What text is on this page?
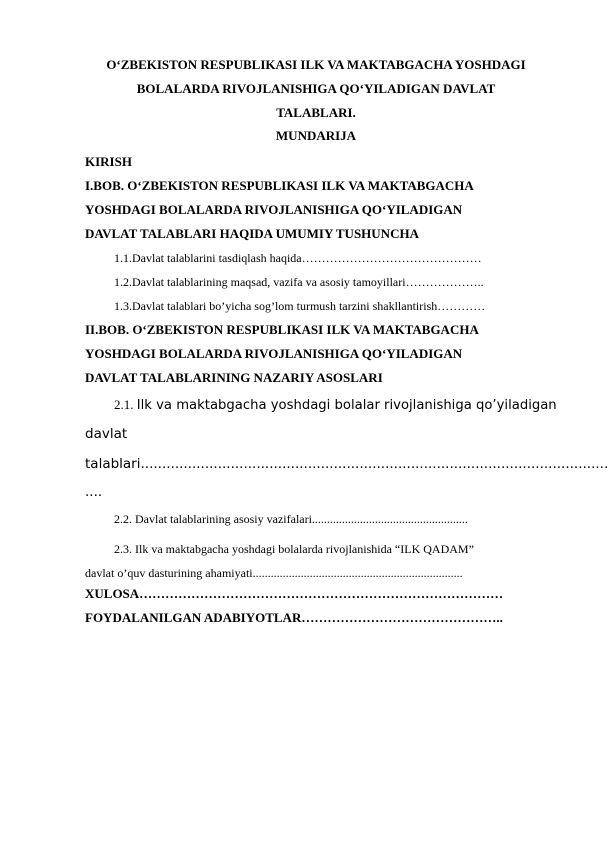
O‘ZBEKISTON RESPUBLIKASI ILK VA MAKTABGACHA YOSHDAGI
BOLALARDA RIVOJLANISHIGA QO‘YILADIGAN DAVLAT
TALABLARI.
MUNDARIJA
KIRISH
I.BOB. O‘ZBEKISTON RESPUBLIKASI ILK VA MAKTABGACHA
YOSHDAGI BOLALARDA RIVOJLANISHIGA QO‘YILADIGAN
DAVLAT TALABLARI HAQIDA UMUMIY TUSHUNCHA
1.1.Davlat talablarini tasdiqlash haqida………………………………………
1.2.Davlat talablarining maqsad, vazifa va asosiy tamoyillari………………..
1.3.Davlat talablari bo’yicha sog’lom turmush tarzini shakllantirish…………
II.BOB. O‘ZBEKISTON RESPUBLIKASI ILK VA MAKTABGACHA
YOSHDAGI BOLALARDA RIVOJLANISHIGA QO‘YILADIGAN
DAVLAT TALABLARINING NAZARIY ASOSLARI
2.1. Ilk va maktabgacha yoshdagi bolalar rivojlanishiga qo’yiladigan
davlat
talablari.............................................................................................................
....
2.2. Davlat talablarining asosiy vazifalari....................................................
2.3. Ilk va maktabgacha yoshdagi bolalarda rivojlanishida “ILK QADAM”
davlat o’quv dasturining ahamiyati......................................................................
XULOSA…………………………………………………………………………
FOYDALANILGAN ADABIYOTLAR………………………………………..
